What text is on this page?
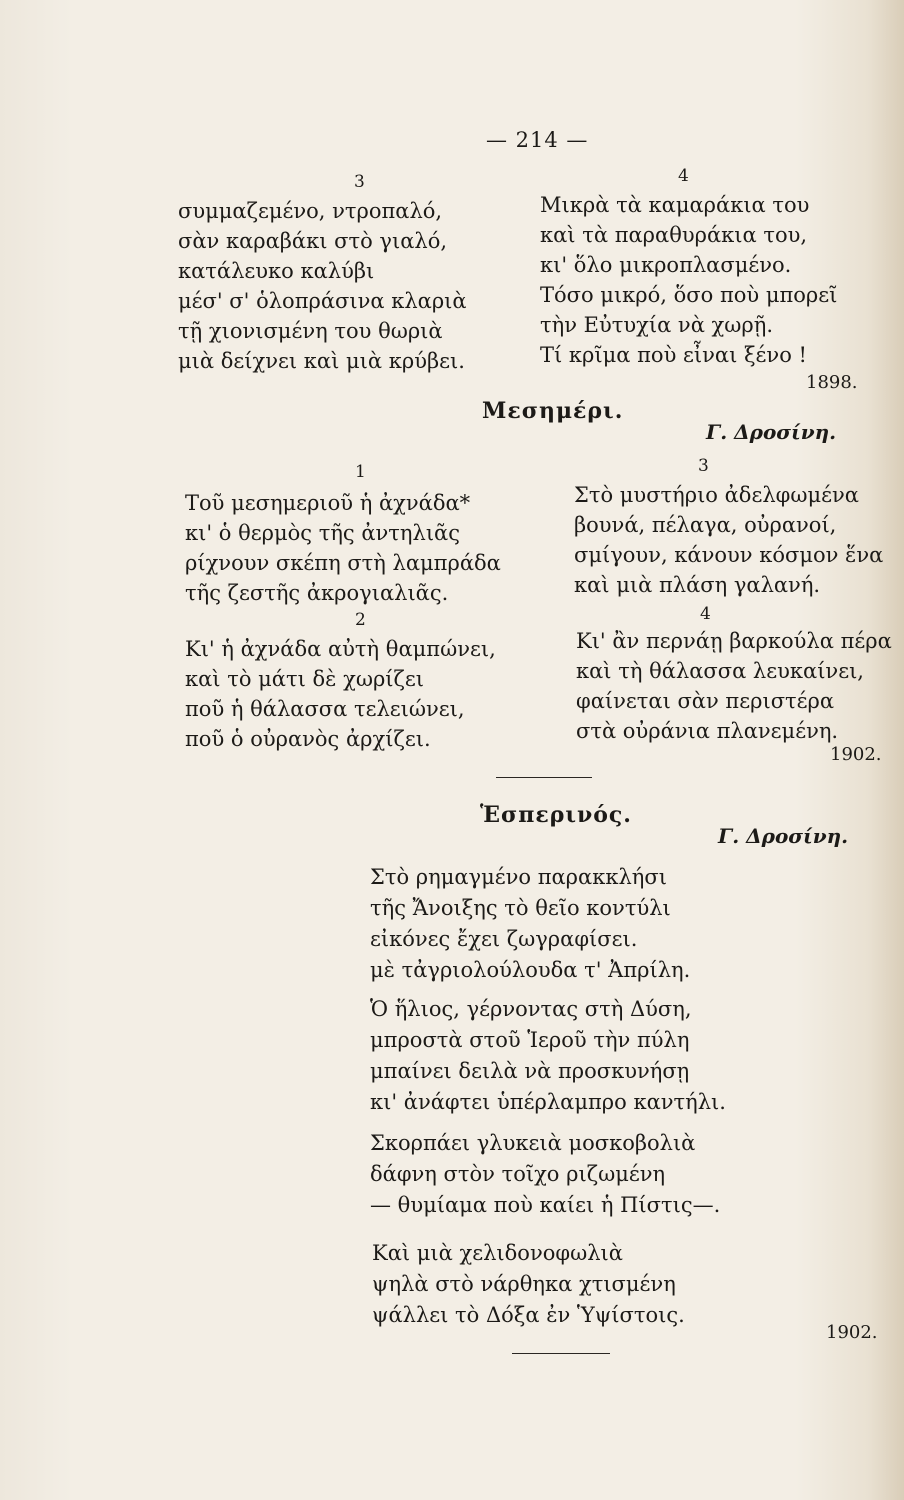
— 214 —
3
συμμαζεμένο, ντροπαλό,
σὰν καραβάκι στὸ γιαλό,
κατάλευκο καλύβι
μέσ' σ' ὁλοπράσινα κλαριὰ
τῇ χιονισμένη του θωριὰ
μιὰ δείχνει καὶ μιὰ κρύβει.
4
Μικρὰ τὰ καμαράκια του
καὶ τὰ παραθυράκια του,
κι' ὅλο μικροπλασμένο.
Τόσο μικρό, ὅσο ποὺ μπορεῖ
τὴν Εὐτυχία νὰ χωρῇ.
Τί κρῖμα ποὺ εἶναι ξένο !
1898.
Μεσημέρι.
Γ. Δροσίνη.
1
Τοῦ μεσημεριοῦ ἡ ἀχνάδα*
κι' ὁ θερμὸς τῆς ἀντηλιᾶς
ρίχνουν σκέπη στὴ λαμπράδα
τῆς ζεστῆς ἀκρογιαλιᾶς.
2
Κι' ἡ ἀχνάδα αὐτὴ θαμπώνει,
καὶ τὸ μάτι δὲ χωρίζει
ποῦ ἡ θάλασσα τελειώνει,
ποῦ ὁ οὐρανὸς ἀρχίζει.
3
Στὸ μυστήριο ἀδελφωμένα
βουνά, πέλαγα, οὐρανοί,
σμίγουν, κάνουν κόσμον ἕνα
καὶ μιὰ πλάση γαλανή.
4
Κι' ἂν περνάῃ βαρκούλα πέρα
καὶ τὴ θάλασσα λευκαίνει,
φαίνεται σὰν περιστέρα
στὰ οὐράνια πλανεμένη.
1902.
Ἑσπερινός.
Γ. Δροσίνη.
Στὸ ρημαγμένο παρακκλήσι
τῆς Ἄνοιξης τὸ θεῖο κοντύλι
εἰκόνες ἔχει ζωγραφίσει.
μὲ τἀγριολούλουδα τ' Ἀπρίλη.
Ὁ ἥλιος, γέρνοντας στὴ Δύση,
μπροστὰ στοῦ Ἱεροῦ τὴν πύλη
μπαίνει δειλὰ νὰ προσκυνήσῃ
κι' ἀνάφτει ὑπέρλαμπρο καντήλι.
Σκορπάει γλυκειὰ μοσκοβολιὰ
δάφνη στὸν τοῖχο ριζωμένη
— θυμίαμα ποὺ καίει ἡ Πίστις—.
Καὶ μιὰ χελιδονοφωλιὰ
ψηλὰ στὸ νάρθηκα χτισμένη
ψάλλει τὸ Δόξα ἐν Ὑψίστοις.
1902.
